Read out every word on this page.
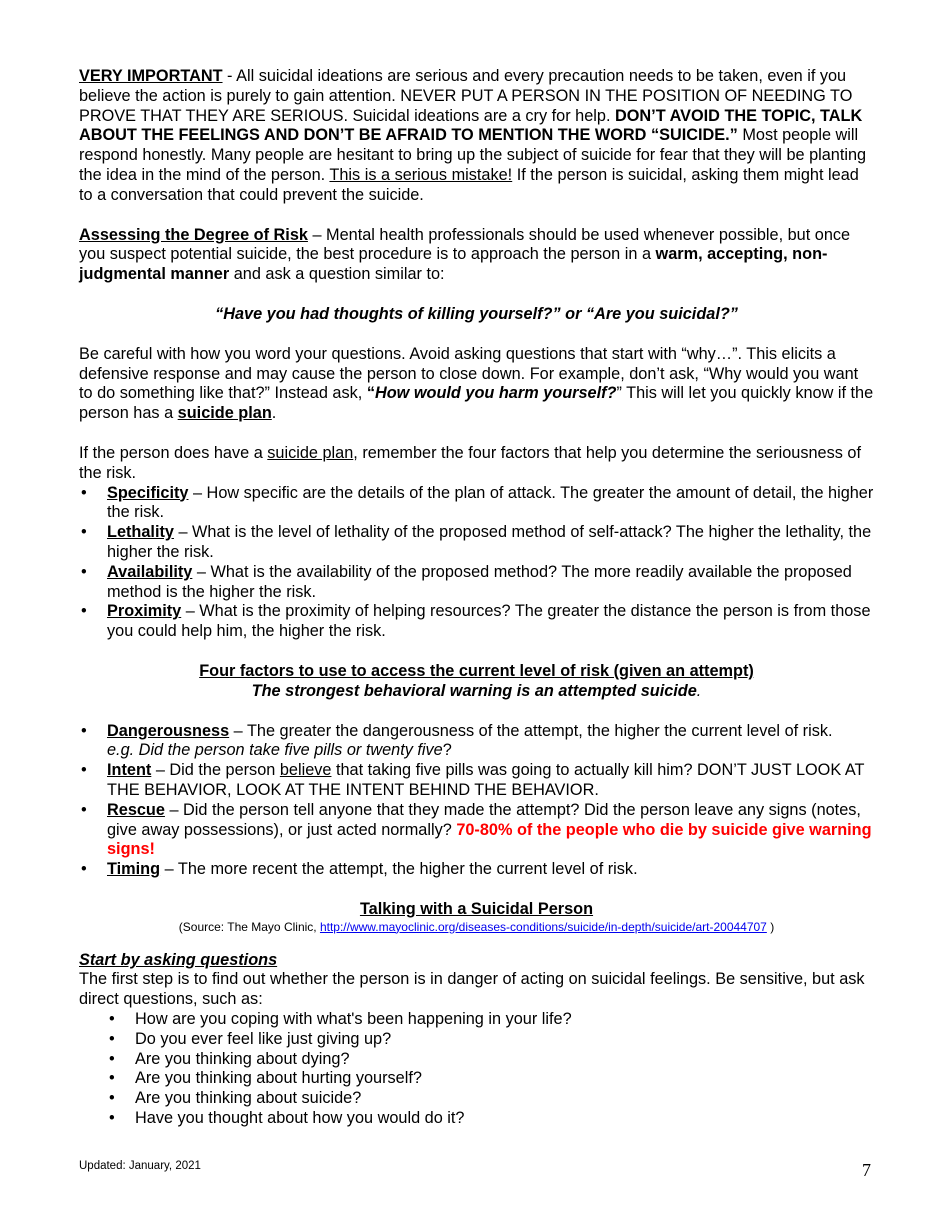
VERY IMPORTANT - All suicidal ideations are serious and every precaution needs to be taken, even if you believe the action is purely to gain attention. NEVER PUT A PERSON IN THE POSITION OF NEEDING TO PROVE THAT THEY ARE SERIOUS. Suicidal ideations are a cry for help. DON’T AVOID THE TOPIC, TALK ABOUT THE FEELINGS AND DON’T BE AFRAID TO MENTION THE WORD “SUICIDE.” Most people will respond honestly. Many people are hesitant to bring up the subject of suicide for fear that they will be planting the idea in the mind of the person. This is a serious mistake! If the person is suicidal, asking them might lead to a conversation that could prevent the suicide.

Assessing the Degree of Risk – Mental health professionals should be used whenever possible, but once you suspect potential suicide, the best procedure is to approach the person in a warm, accepting, non-judgmental manner and ask a question similar to:

“Have you had thoughts of killing yourself?” or “Are you suicidal?”

Be careful with how you word your questions. Avoid asking questions that start with “why…”. This elicits a defensive response and may cause the person to close down. For example, don’t ask, “Why would you want to do something like that?” Instead ask, “How would you harm yourself?” This will let you quickly know if the person has a suicide plan.

If the person does have a suicide plan, remember the four factors that help you determine the seriousness of the risk.

• Specificity – How specific are the details of the plan of attack. The greater the amount of detail, the higher the risk.
• Lethality – What is the level of lethality of the proposed method of self-attack? The higher the lethality, the higher the risk.
• Availability – What is the availability of the proposed method? The more readily available the proposed method is the higher the risk.
• Proximity – What is the proximity of helping resources? The greater the distance the person is from those you could help him, the higher the risk.

Four factors to use to access the current level of risk (given an attempt)

The strongest behavioral warning is an attempted suicide.

• Dangerousness – The greater the dangerousness of the attempt, the higher the current level of risk.
e.g. Did the person take five pills or twenty five?
• Intent – Did the person believe that taking five pills was going to actually kill him? DON’T JUST LOOK AT THE BEHAVIOR, LOOK AT THE INTENT BEHIND THE BEHAVIOR.
• Rescue – Did the person tell anyone that they made the attempt? Did the person leave any signs (notes, give away possessions), or just acted normally? 70-80% of the people who die by suicide give warning signs!
• Timing – The more recent the attempt, the higher the current level of risk.

Talking with a Suicidal Person

(Source: The Mayo Clinic, http://www.mayoclinic.org/diseases-conditions/suicide/in-depth/suicide/art-20044707 )

Start by asking questions

The first step is to find out whether the person is in danger of acting on suicidal feelings. Be sensitive, but ask direct questions, such as:

• How are you coping with what's been happening in your life?
• Do you ever feel like just giving up?
• Are you thinking about dying?
• Are you thinking about hurting yourself?
• Are you thinking about suicide?
• Have you thought about how you would do it?
Updated: January, 2021	7
